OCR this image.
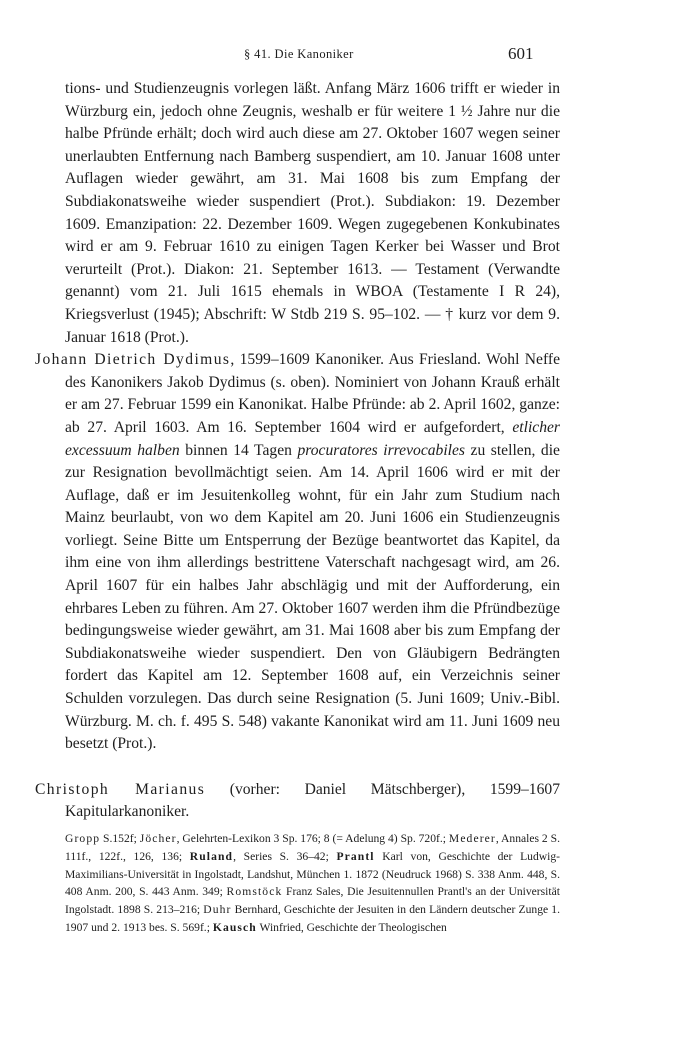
§ 41. Die Kanoniker	601

tions- und Studienzeugnis vorlegen läßt. Anfang März 1606 trifft er wieder in Würzburg ein, jedoch ohne Zeugnis, weshalb er für weitere 1 ½ Jahre nur die halbe Pfründe erhält; doch wird auch diese am 27. Oktober 1607 wegen seiner unerlaubten Entfernung nach Bamberg suspendiert, am 10. Januar 1608 unter Auflagen wieder gewährt, am 31. Mai 1608 bis zum Empfang der Subdiakonatsweihe wieder suspendiert (Prot.). Subdiakon: 19. Dezember 1609. Emanzipation: 22. Dezember 1609. Wegen zugegebenen Konkubinates wird er am 9. Februar 1610 zu einigen Tagen Kerker bei Wasser und Brot verurteilt (Prot.). Diakon: 21. September 1613. — Testament (Verwandte genannt) vom 21. Juli 1615 ehemals in WBOA (Testamente I R 24), Kriegsverlust (1945); Abschrift: W Stdb 219 S. 95–102. — † kurz vor dem 9. Januar 1618 (Prot.).

Johann Dietrich Dydimus, 1599–1609 Kanoniker. Aus Friesland. Wohl Neffe des Kanonikers Jakob Dydimus (s. oben). Nominiert von Johann Krauß erhält er am 27. Februar 1599 ein Kanonikat. Halbe Pfründe: ab 2. April 1602, ganze: ab 27. April 1603. Am 16. September 1604 wird er aufgefordert, etlicher excessuum halben binnen 14 Tagen procuratores irrevocabiles zu stellen, die zur Resignation bevollmächtigt seien. Am 14. April 1606 wird er mit der Auflage, daß er im Jesuitenkolleg wohnt, für ein Jahr zum Studium nach Mainz beurlaubt, von wo dem Kapitel am 20. Juni 1606 ein Studienzeugnis vorliegt. Seine Bitte um Entsperrung der Bezüge beantwortet das Kapitel, da ihm eine von ihm allerdings bestrittene Vaterschaft nachgesagt wird, am 26. April 1607 für ein halbes Jahr abschlägig und mit der Aufforderung, ein ehrbares Leben zu führen. Am 27. Oktober 1607 werden ihm die Pfründbezüge bedingungsweise wieder gewährt, am 31. Mai 1608 aber bis zum Empfang der Subdiakonatsweihe wieder suspendiert. Den von Gläubigern Bedrängten fordert das Kapitel am 12. September 1608 auf, ein Verzeichnis seiner Schulden vorzulegen. Das durch seine Resignation (5. Juni 1609; Univ.-Bibl. Würzburg. M. ch. f. 495 S. 548) vakante Kanonikat wird am 11. Juni 1609 neu besetzt (Prot.).

Christoph Marianus (vorher: Daniel Mätschberger), 1599–1607 Kapitularkanoniker.

Gropp S.152f; Jöcher, Gelehrten-Lexikon 3 Sp. 176; 8 (= Adelung 4) Sp. 720f.; Mederer, Annales 2 S. 111f., 122f., 126, 136; Ruland, Series S. 36–42; Prantl Karl von, Geschichte der Ludwig-Maximilians-Universität in Ingolstadt, Landshut, München 1. 1872 (Neudruck 1968) S. 338 Anm. 448, S. 408 Anm. 200, S. 443 Anm. 349; Romstöck Franz Sales, Die Jesuitennullen Prantl's an der Universität Ingolstadt. 1898 S. 213–216; Duhr Bernhard, Geschichte der Jesuiten in den Ländern deutscher Zunge 1. 1907 und 2. 1913 bes. S. 569f.; Kausch Winfried, Geschichte der Theologischen
